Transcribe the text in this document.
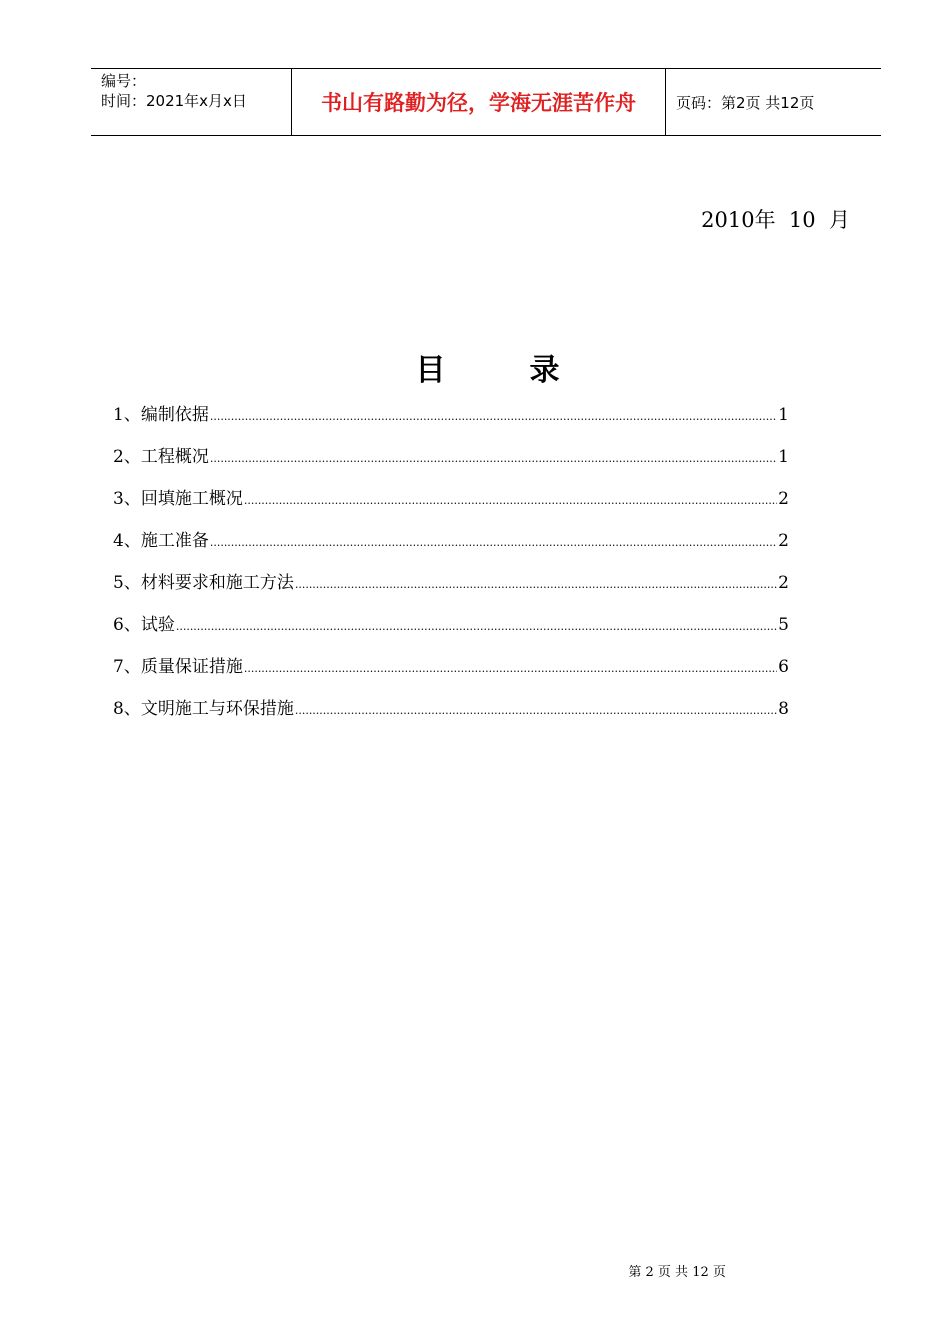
编号：
时间：2021年x月x日	书山有路勤为径，学海无涯苦作舟	页码：第2页 共12页
2010年  10  月
目	录
1、编制依据 .....	1
2、工程概况 .....	1
3、回填施工概况 .....	2
4、施工准备 .....	2
5、材料要求和施工方法 .....	2
6、试验 .....	5
7、质量保证措施 .....	6
8、文明施工与环保措施 .....	8

第 2 页 共 12 页
